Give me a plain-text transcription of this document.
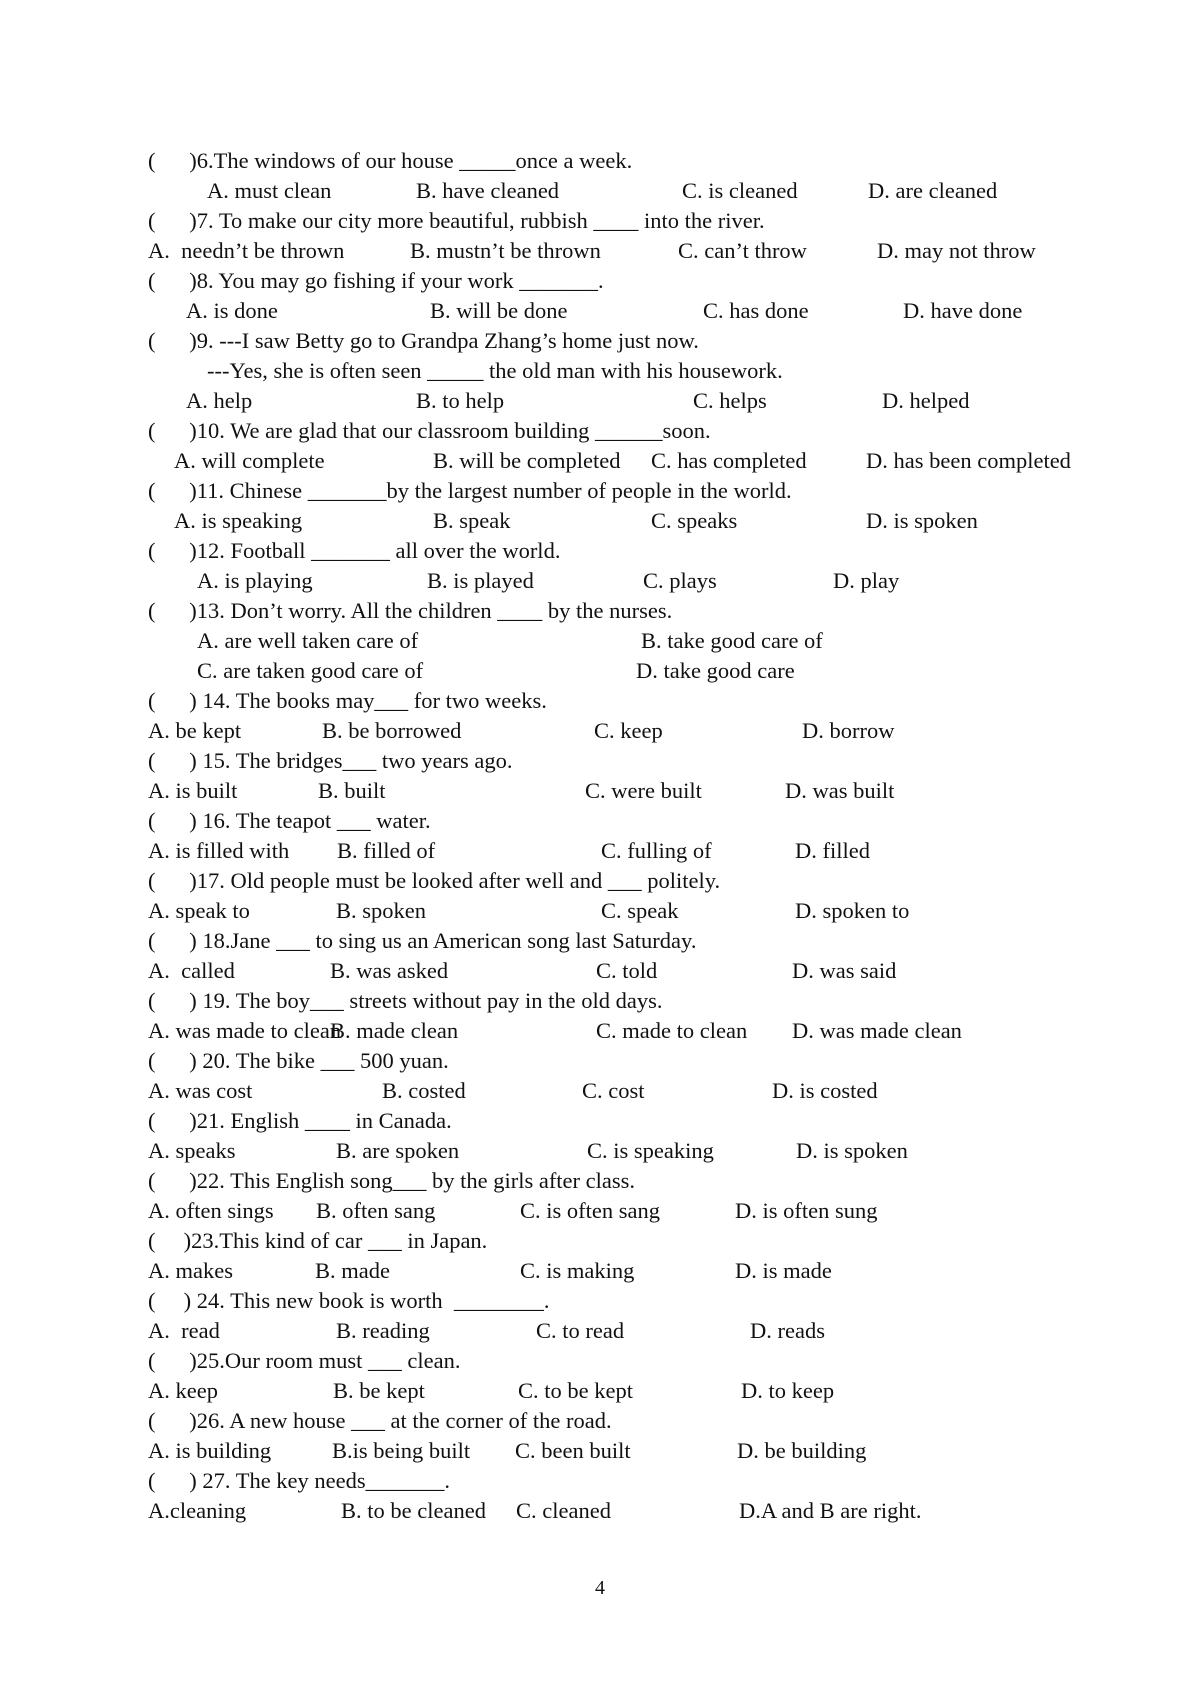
(      )6.The windows of our house _____once a week.
A. must clean	B. have cleaned	C. is cleaned	D. are cleaned
(      )7. To make our city more beautiful, rubbish ____ into the river.
A.  needn’t be thrown	B. mustn’t be thrown	C. can’t throw	D. may not throw
(      )8. You may go fishing if your work _______.
A. is done	B. will be done	C. has done	D. have done
(      )9. ---I saw Betty go to Grandpa Zhang’s home just now.
---Yes, she is often seen _____ the old man with his housework.
A. help	B. to help	C. helps	D. helped
(      )10. We are glad that our classroom building ______soon.
A. will complete	B. will be completed C. has completed	D. has been completed
(      )11. Chinese _______by the largest number of people in the world.
A. is speaking	B. speak	C. speaks	D. is spoken
(      )12. Football _______ all over the world.
A. is playing	B. is played	C. plays	D. play
(      )13. Don’t worry. All the children ____ by the nurses.
A. are well taken care of	B. take good care of
C. are taken good care of	D. take good care
(      ) 14. The books may___ for two weeks.
A. be kept	B. be borrowed	C. keep	D. borrow
(      ) 15. The bridges___ two years ago.
A. is built	B. built	C. were built	D. was built
(      ) 16. The teapot ___ water.
A. is filled with B. filled of	C. fulling of	D. filled
(      )17. Old people must be looked after well and ___ politely.
A. speak to	B. spoken	C. speak	D. spoken to
(      ) 18.Jane ___ to sing us an American song last Saturday.
A.  called	B. was asked	C. told	D. was said
(      ) 19. The boy___ streets without pay in the old days.
A. was made to clean
B. made clean	C. made to clean D. was made clean
(      ) 20. The bike ___ 500 yuan.
A. was cost	B. costed	C. cost	D. is costed
(      )21. English ____ in Canada.
A. speaks	B. are spoken	C. is speaking	D. is spoken
(      )22. This English song___ by the girls after class.
A. often sings B. often sang	C. is often sang	D. is often sung
(     )23.This kind of car ___ in Japan.
A. makes	B. made	C. is making	D. is made
(     ) 24. This new book is worth  ________.
A.  read	B. reading	C. to read	D. reads
(      )25.Our room must ___ clean.
A. keep	B. be kept	C. to be kept	D. to keep
(      )26. A new house ___ at the corner of the road.
A. is building	B.is being built C. been built	D. be building
(      ) 27. The key needs_______.
A.cleaning	B. to be cleaned C. cleaned	D.A and B are right.
4
